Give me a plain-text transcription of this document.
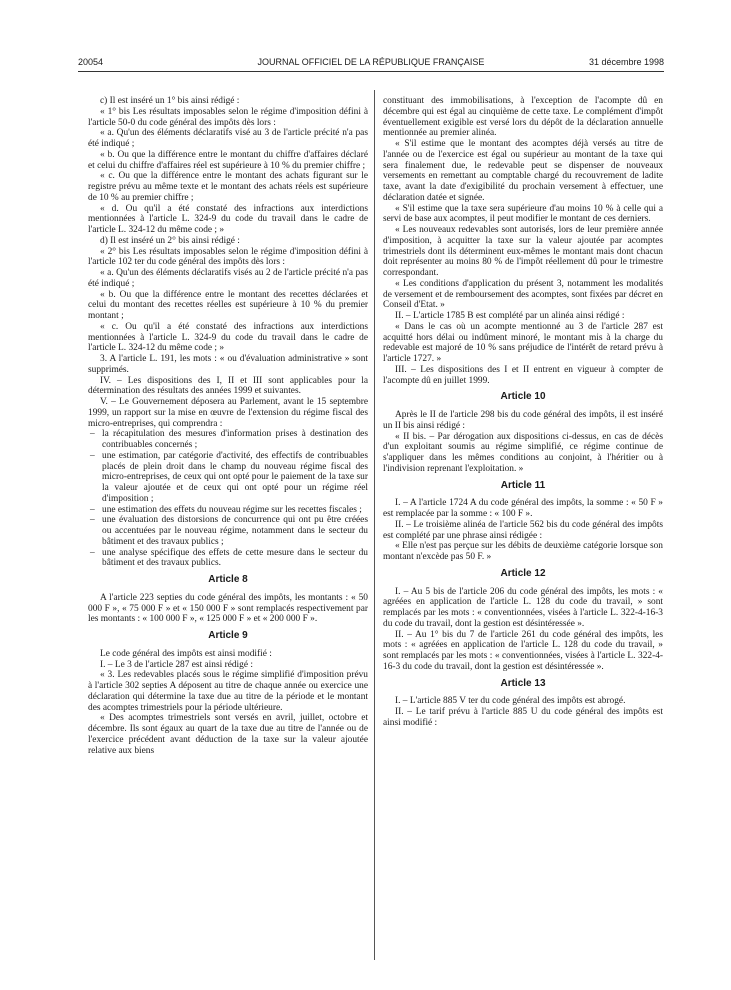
20054	JOURNAL OFFICIEL DE LA RÉPUBLIQUE FRANÇAISE	31 décembre 1998

c) Il est inséré un 1° bis ainsi rédigé :

« 1° bis Les résultats imposables selon le régime d'imposition défini à l'article 50-0 du code général des impôts dès lors :

« a. Qu'un des éléments déclaratifs visé au 3 de l'article précité n'a pas été indiqué ;

« b. Ou que la différence entre le montant du chiffre d'affaires déclaré et celui du chiffre d'affaires réel est supérieure à 10 % du premier chiffre ;

« c. Ou que la différence entre le montant des achats figurant sur le registre prévu au même texte et le montant des achats réels est supérieure de 10 % au premier chiffre ;

« d. Ou qu'il a été constaté des infractions aux interdictions mentionnées à l'article L. 324-9 du code du travail dans le cadre de l'article L. 324-12 du même code ; »

d) Il est inséré un 2° bis ainsi rédigé :

« 2° bis Les résultats imposables selon le régime d'imposition défini à l'article 102 ter du code général des impôts dès lors :

« a. Qu'un des éléments déclaratifs visés au 2 de l'article précité n'a pas été indiqué ;

« b. Ou que la différence entre le montant des recettes déclarées et celui du montant des recettes réelles est supérieure à 10 % du premier montant ;

« c. Ou qu'il a été constaté des infractions aux interdictions mentionnées à l'article L. 324-9 du code du travail dans le cadre de l'article L. 324-12 du même code ; »

3. A l'article L. 191, les mots : « ou d'évaluation administrative » sont supprimés.

IV. – Les dispositions des I, II et III sont applicables pour la détermination des résultats des années 1999 et suivantes.

V. – Le Gouvernement déposera au Parlement, avant le 15 septembre 1999, un rapport sur la mise en œuvre de l'extension du régime fiscal des micro-entreprises, qui comprendra :

– la récapitulation des mesures d'information prises à destination des contribuables concernés ;
– une estimation, par catégorie d'activité, des effectifs de contribuables placés de plein droit dans le champ du nouveau régime fiscal des micro-entreprises, de ceux qui ont opté pour le paiement de la taxe sur la valeur ajoutée et de ceux qui ont opté pour un régime réel d'imposition ;
– une estimation des effets du nouveau régime sur les recettes fiscales ;
– une évaluation des distorsions de concurrence qui ont pu être créées ou accentuées par le nouveau régime, notamment dans le secteur du bâtiment et des travaux publics ;
– une analyse spécifique des effets de cette mesure dans le secteur du bâtiment et des travaux publics.
Article 8

A l'article 223 septies du code général des impôts, les montants : « 50 000 F », « 75 000 F » et « 150 000 F » sont remplacés respectivement par les montants : « 100 000 F », « 125 000 F » et « 200 000 F ».

Article 9

Le code général des impôts est ainsi modifié :

I. – Le 3 de l'article 287 est ainsi rédigé :

« 3. Les redevables placés sous le régime simplifié d'imposition prévu à l'article 302 septies A déposent au titre de chaque année ou exercice une déclaration qui détermine la taxe due au titre de la période et le montant des acomptes trimestriels pour la période ultérieure.

« Des acomptes trimestriels sont versés en avril, juillet, octobre et décembre. Ils sont égaux au quart de la taxe due au titre de l'année ou de l'exercice précédent avant déduction de la taxe sur la valeur ajoutée relative aux biens

constituant des immobilisations, à l'exception de l'acompte dû en décembre qui est égal au cinquième de cette taxe. Le complément d'impôt éventuellement exigible est versé lors du dépôt de la déclaration annuelle mentionnée au premier alinéa.

« S'il estime que le montant des acomptes déjà versés au titre de l'année ou de l'exercice est égal ou supérieur au montant de la taxe qui sera finalement due, le redevable peut se dispenser de nouveaux versements en remettant au comptable chargé du recouvrement de ladite taxe, avant la date d'exigibilité du prochain versement à effectuer, une déclaration datée et signée.

« S'il estime que la taxe sera supérieure d'au moins 10 % à celle qui a servi de base aux acomptes, il peut modifier le montant de ces derniers.

« Les nouveaux redevables sont autorisés, lors de leur première année d'imposition, à acquitter la taxe sur la valeur ajoutée par acomptes trimestriels dont ils déterminent eux-mêmes le montant mais dont chacun doit représenter au moins 80 % de l'impôt réellement dû pour le trimestre correspondant.

« Les conditions d'application du présent 3, notamment les modalités de versement et de remboursement des acomptes, sont fixées par décret en Conseil d'Etat. »

II. – L'article 1785 B est complété par un alinéa ainsi rédigé :

« Dans le cas où un acompte mentionné au 3 de l'article 287 est acquitté hors délai ou indûment minoré, le montant mis à la charge du redevable est majoré de 10 % sans préjudice de l'intérêt de retard prévu à l'article 1727. »

III. – Les dispositions des I et II entrent en vigueur à compter de l'acompte dû en juillet 1999.

Article 10

Après le II de l'article 298 bis du code général des impôts, il est inséré un II bis ainsi rédigé :

« II bis. – Par dérogation aux dispositions ci-dessus, en cas de décès d'un exploitant soumis au régime simplifié, ce régime continue de s'appliquer dans les mêmes conditions au conjoint, à l'héritier ou à l'indivision reprenant l'exploitation. »

Article 11

I. – A l'article 1724 A du code général des impôts, la somme : « 50 F » est remplacée par la somme : « 100 F ».

II. – Le troisième alinéa de l'article 562 bis du code général des impôts est complété par une phrase ainsi rédigée :

« Elle n'est pas perçue sur les débits de deuxième catégorie lorsque son montant n'excède pas 50 F. »

Article 12

I. – Au 5 bis de l'article 206 du code général des impôts, les mots : « agréées en application de l'article L. 128 du code du travail, » sont remplacés par les mots : « conventionnées, visées à l'article L. 322-4-16-3 du code du travail, dont la gestion est désintéressée ».

II. – Au 1° bis du 7 de l'article 261 du code général des impôts, les mots : « agréées en application de l'article L. 128 du code du travail, » sont remplacés par les mots : « conventionnées, visées à l'article L. 322-4-16-3 du code du travail, dont la gestion est désintéressée ».

Article 13

I. – L'article 885 V ter du code général des impôts est abrogé.

II. – Le tarif prévu à l'article 885 U du code général des impôts est ainsi modifié :
